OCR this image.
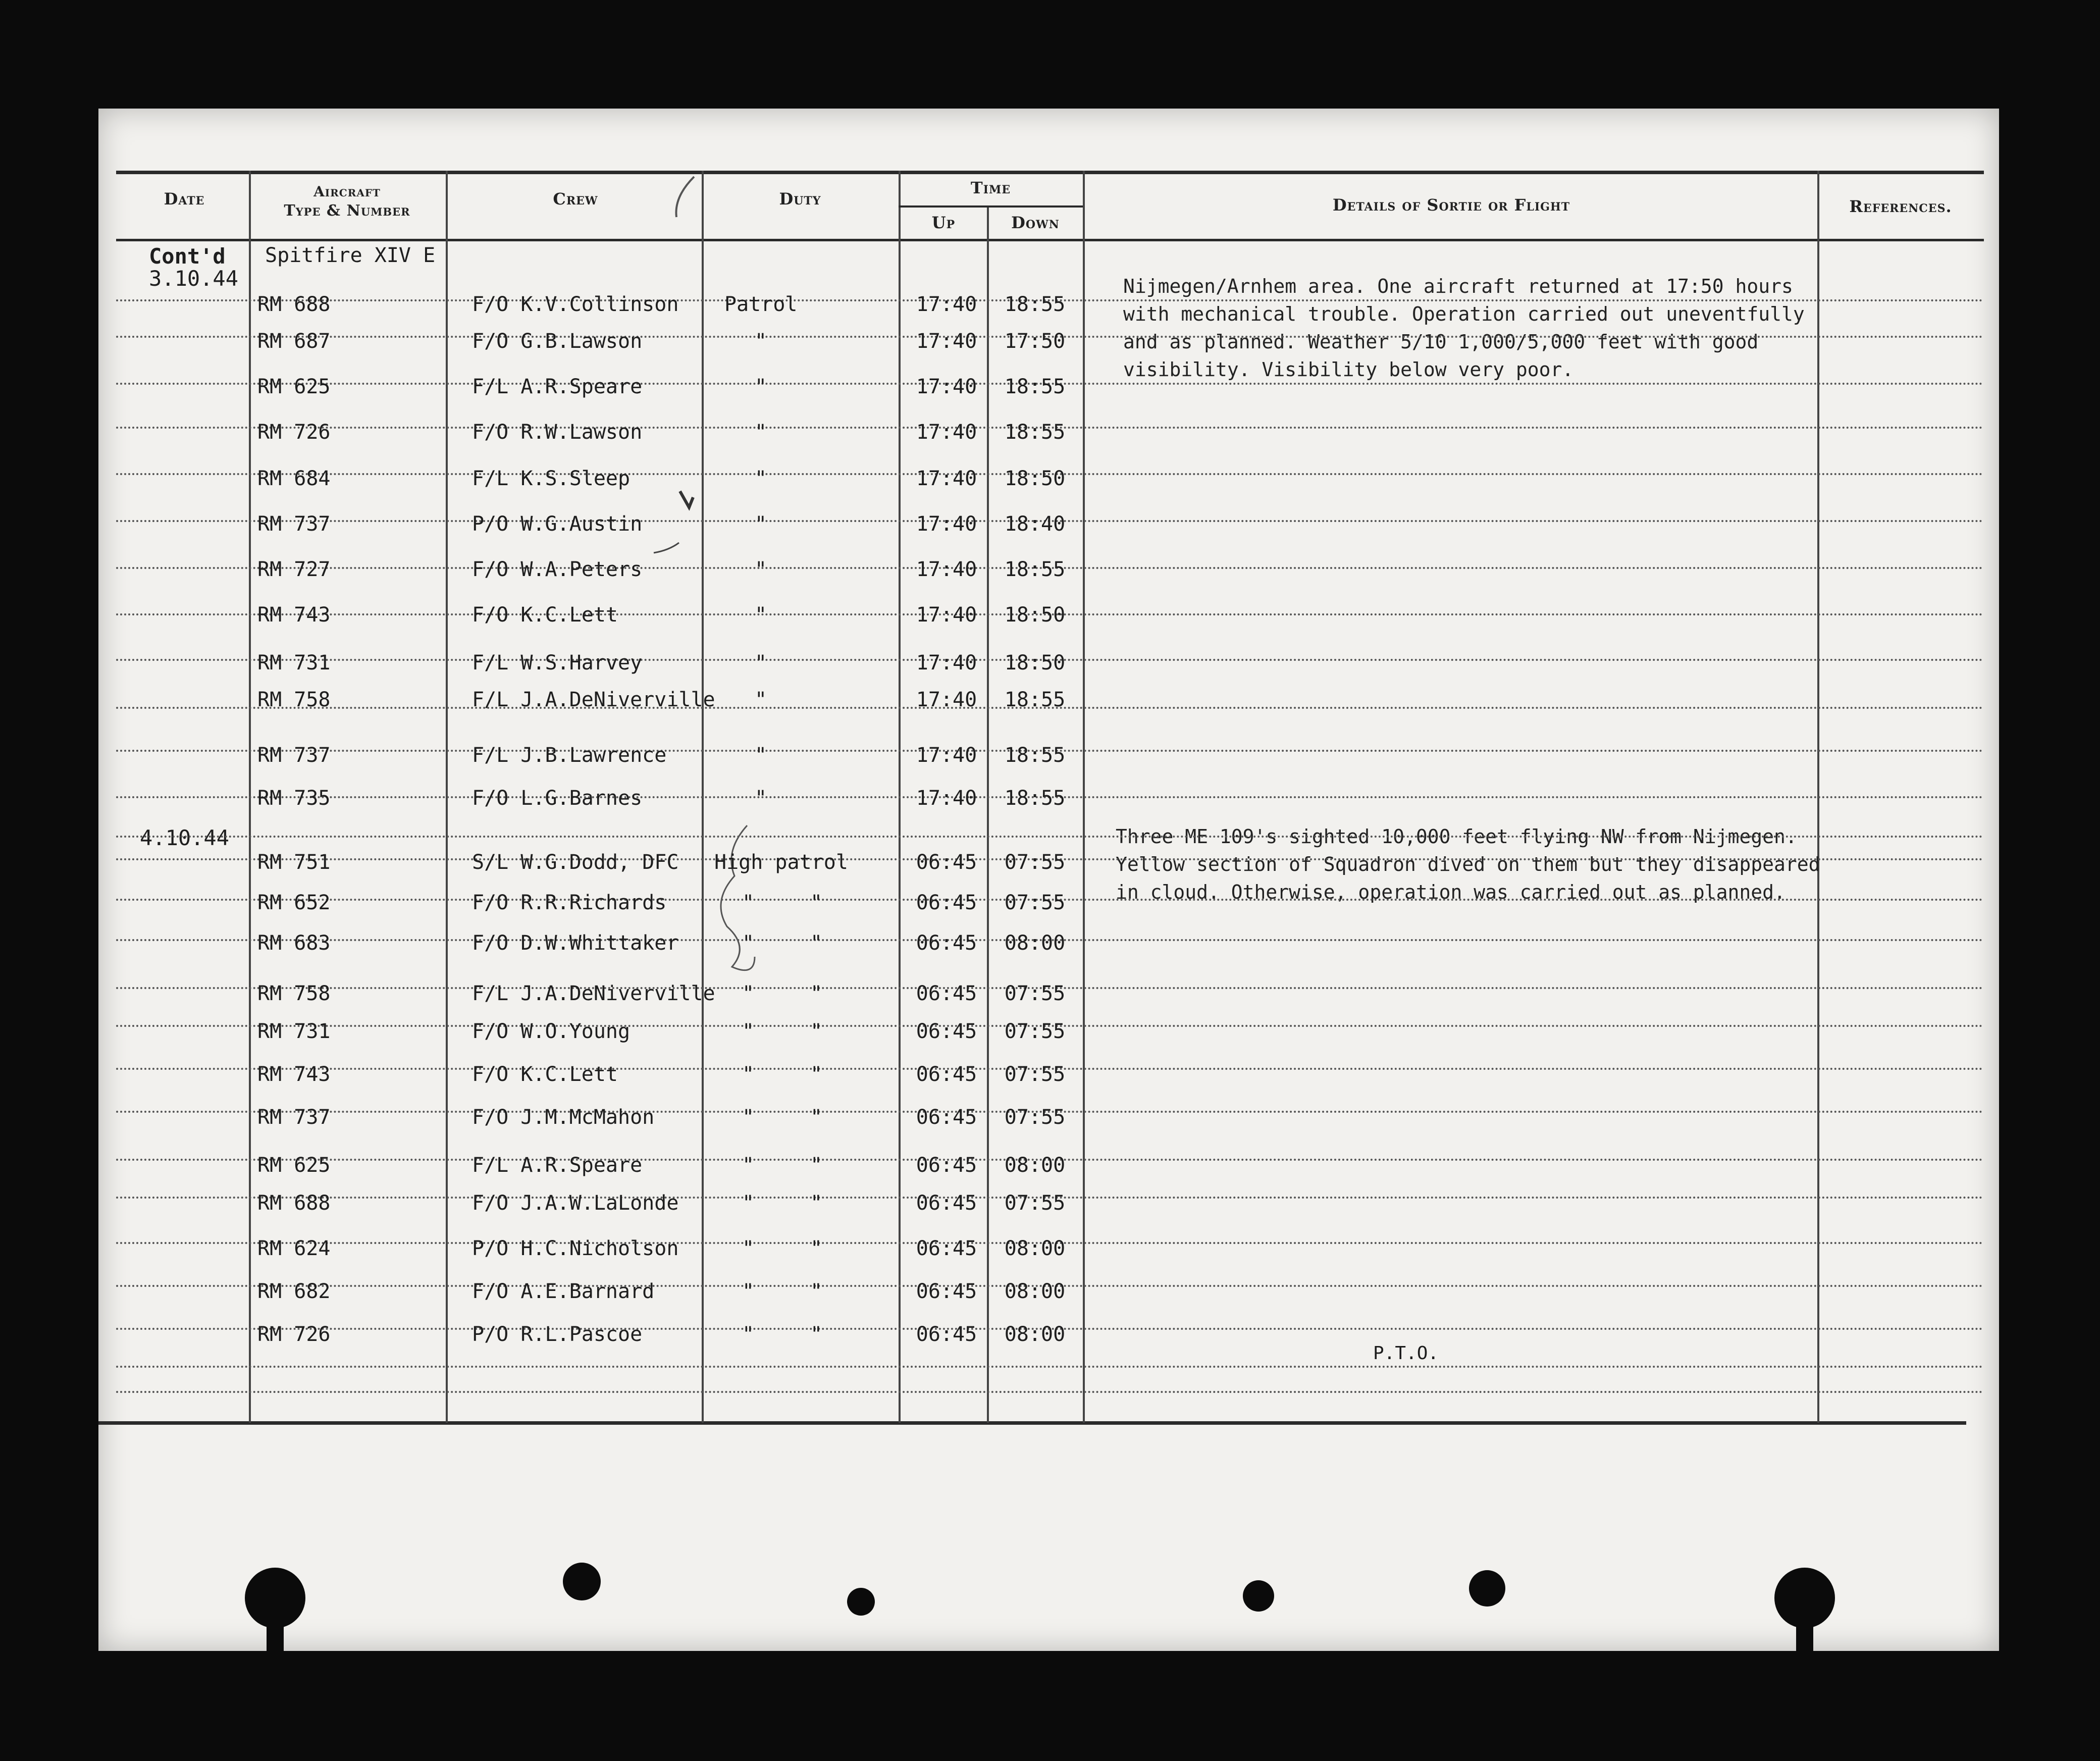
Date	Aircraft
Type & Number
Crew	Duty
Time
Up	Down
Details of Sortie or Flight	References.
Spitfire XIV E
Cont'd
3.10.44
4.10.44
Nijmegen/Arnhem area. One aircraft returned at 17:50 hours
with mechanical trouble. Operation carried out uneventfully
and as planned. Weather 5/10 1,000/5,000 feet with good
visibility. Visibility below very poor.
Three ME 109's sighted 10,000 feet flying NW from Nijmegen.
Yellow section of Squadron dived on them but they disappeared
in cloud. Otherwise, operation was carried out as planned.
P.T.O.
RM 688	F/O K.V.Collinson Patrol	17:40	18:55
RM 687	F/O G.B.Lawson	"	17:40	17:50
RM 625	F/L A.R.Speare	"	17:40	18:55
RM 726	F/O R.W.Lawson	"	17:40	18:55
RM 684	F/L K.S.Sleep	"	17:40	18:50
RM 737	P/O W.G.Austin	"	17:40	18:40
RM 727	F/O W.A.Peters	"	17:40	18:55
RM 743	F/O K.C.Lett	"	17:40	18:50
RM 731	F/L W.S.Harvey	"	17:40	18:50
RM 758	F/L J.A.DeNiverville "	17:40	18:55
RM 737	F/L J.B.Lawrence	"	17:40	18:55
RM 735	F/O L.G.Barnes	"	17:40	18:55
RM 751	S/L W.G.Dodd, DFC High patrol	06:45	07:55
RM 652	F/O R.R.Richards	"	"	06:45	07:55
RM 683	F/O D.W.Whittaker	"	"	06:45	08:00
RM 758	F/L J.A.DeNiverville "	"	06:45	07:55
RM 731	F/O W.O.Young	"	"	06:45	07:55
RM 743	F/O K.C.Lett	"	"	06:45	07:55
RM 737	F/O J.M.McMahon	"	"	06:45	07:55
RM 625	F/L A.R.Speare	"	"	06:45	08:00
RM 688	F/O J.A.W.LaLonde	"	"	06:45	07:55
RM 624	P/O H.C.Nicholson	"	"	06:45	08:00
RM 682	F/O A.E.Barnard	"	"	06:45	08:00
RM 726	P/O R.L.Pascoe	"	"	06:45	08:00
